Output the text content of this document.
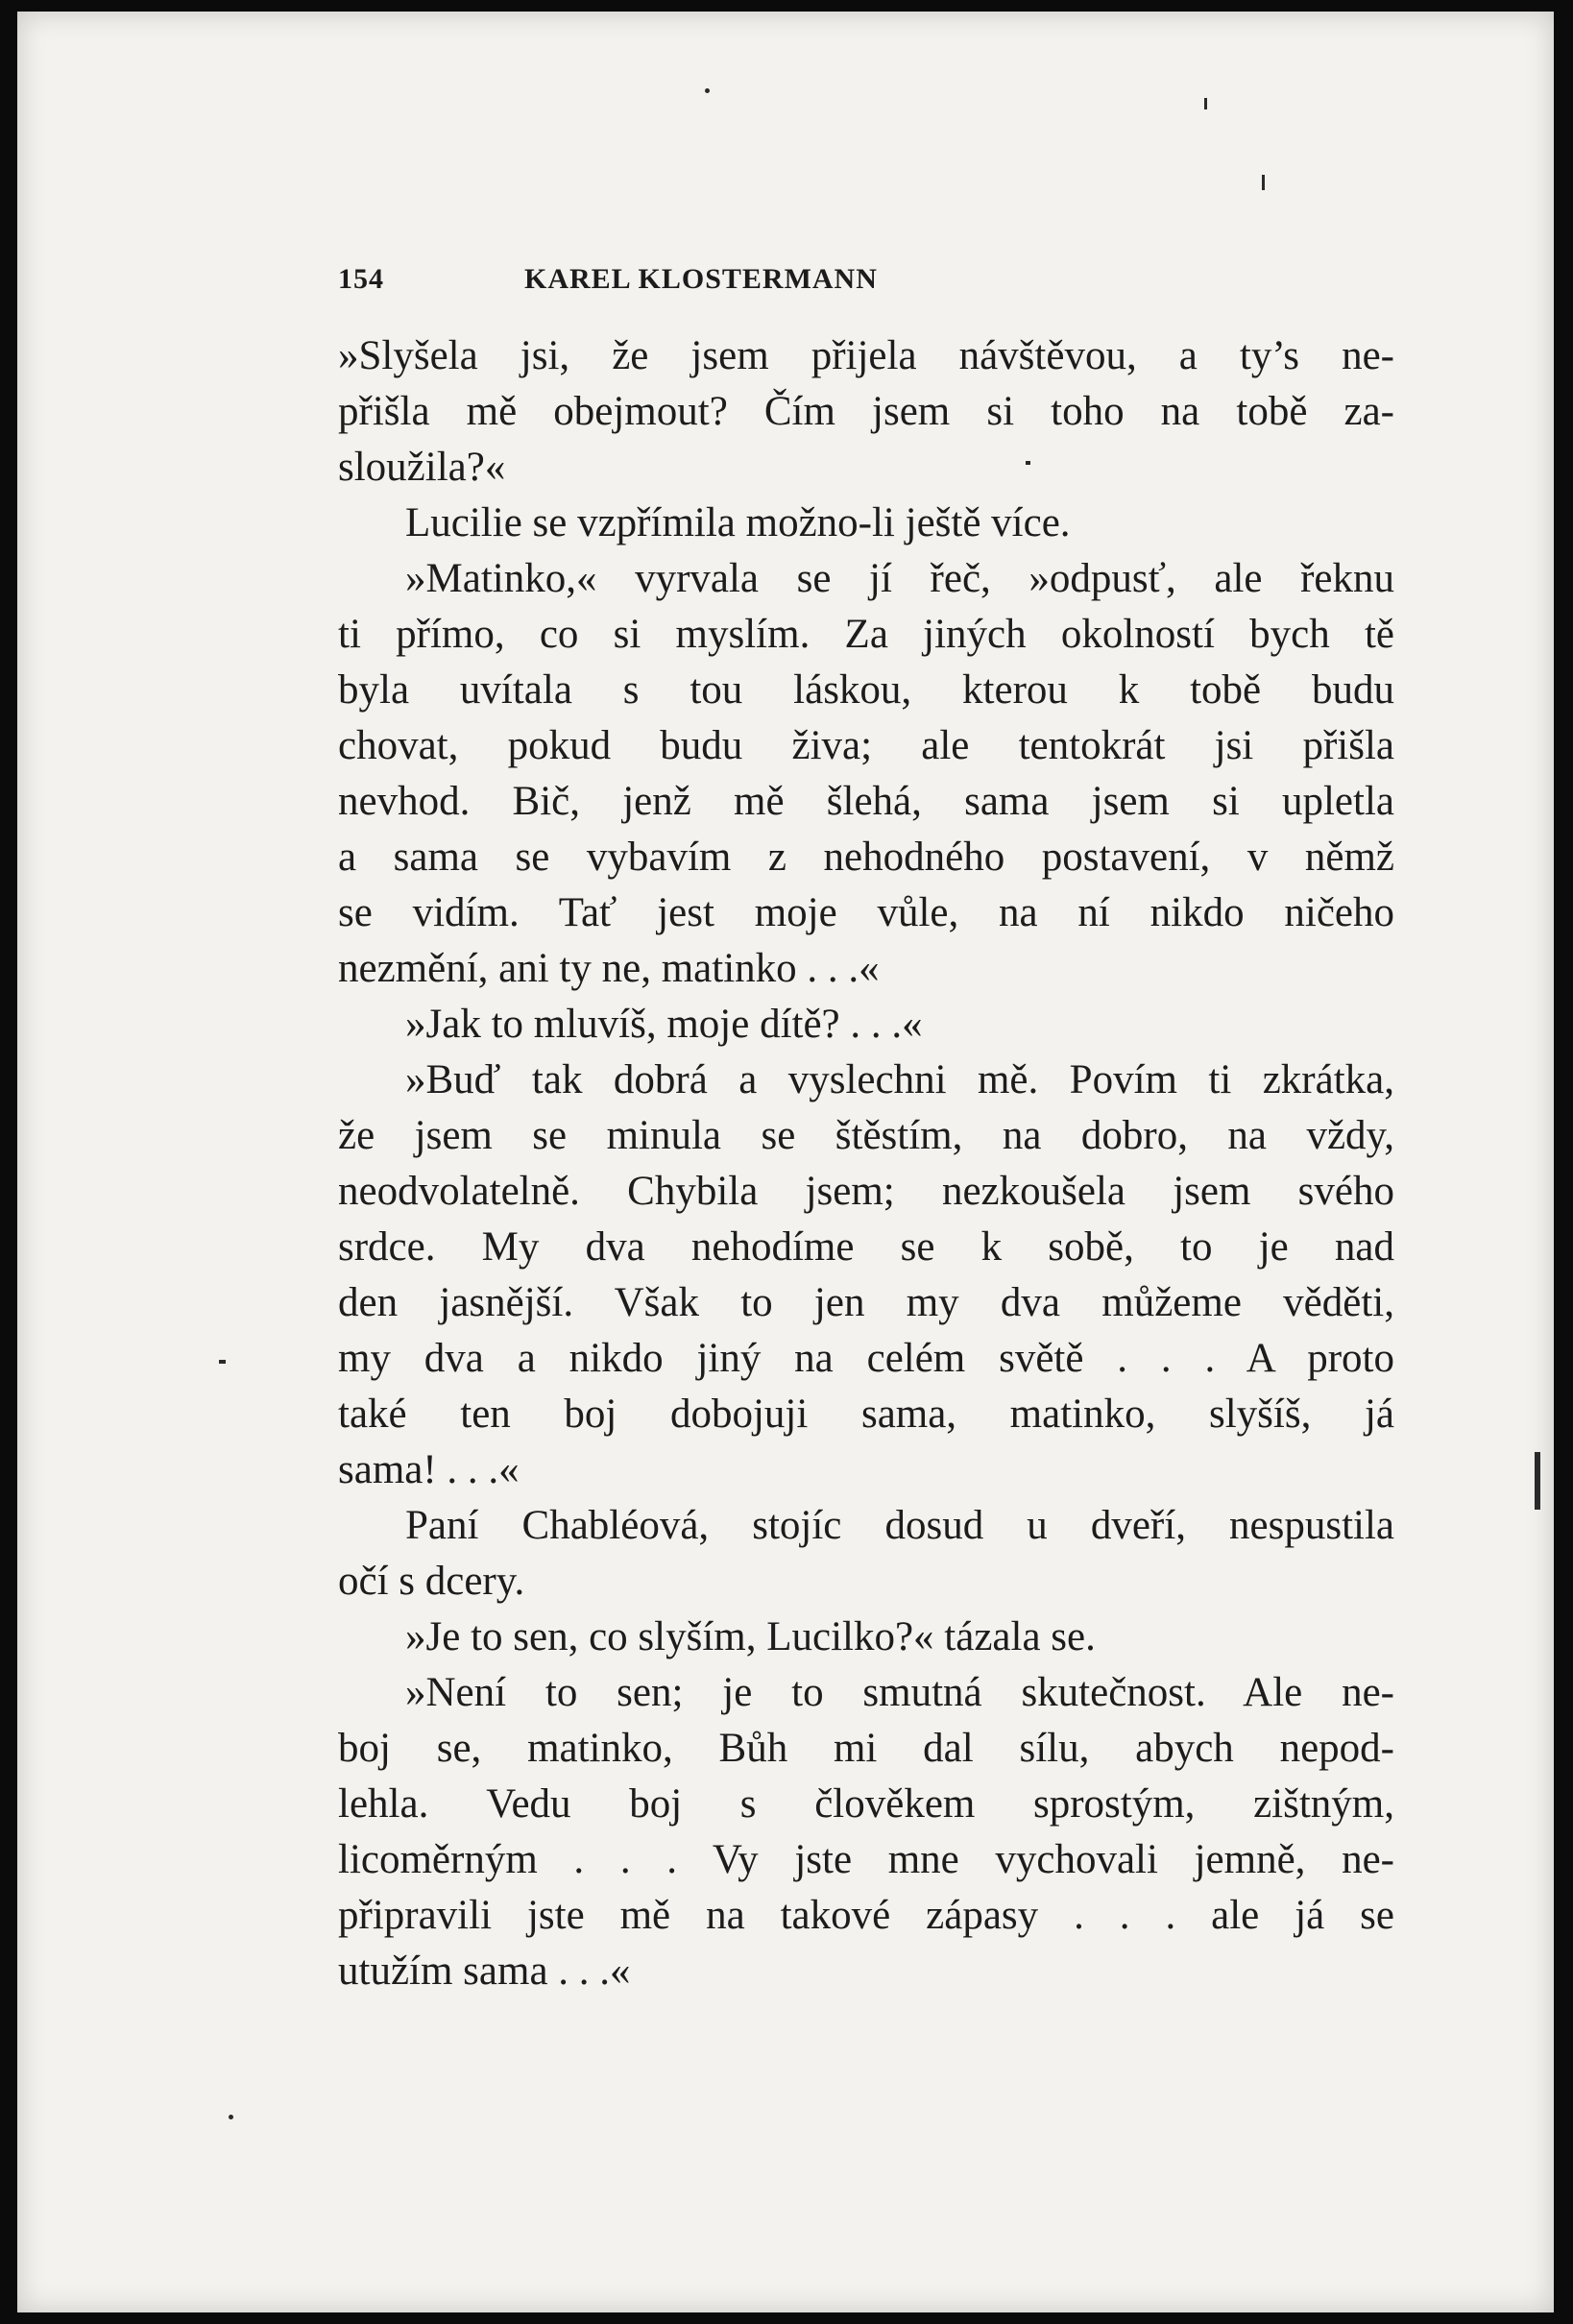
154	KAREL KLOSTERMANN
»Slyšela jsi, že jsem přijela návštěvou, a ty’s ne-
přišla mě obejmout? Čím jsem si toho na tobě za-
sloužila?«
Lucilie se vzpřímila možno-li ještě více.
»Matinko,« vyrvala se jí řeč, »odpusť, ale řeknu
ti přímo, co si myslím. Za jiných okolností bych tě
byla uvítala s tou láskou, kterou k tobě budu
chovat, pokud budu živa; ale tentokrát jsi přišla
nevhod. Bič, jenž mě šlehá, sama jsem si upletla
a sama se vybavím z nehodného postavení, v němž
se vidím. Tať jest moje vůle, na ní nikdo ničeho
nezmění, ani ty ne, matinko . . .«
»Jak to mluvíš, moje dítě? . . .«
»Buď tak dobrá a vyslechni mě. Povím ti zkrátka,
že jsem se minula se štěstím, na dobro, na vždy,
neodvolatelně. Chybila jsem; nezkoušela jsem svého
srdce. My dva nehodíme se k sobě, to je nad
den jasnější. Však to jen my dva můžeme věděti,
my dva a nikdo jiný na celém světě . . . A proto
také ten boj dobojuji sama, matinko, slyšíš, já
sama! . . .«
Paní Chabléová, stojíc dosud u dveří, nespustila
očí s dcery.
»Je to sen, co slyším, Lucilko?« tázala se.
»Není to sen; je to smutná skutečnost. Ale ne-
boj se, matinko, Bůh mi dal sílu, abych nepod-
lehla. Vedu boj s člověkem sprostým, zištným,
licoměrným . . . Vy jste mne vychovali jemně, ne-
připravili jste mě na takové zápasy . . . ale já se
utužím sama . . .«
